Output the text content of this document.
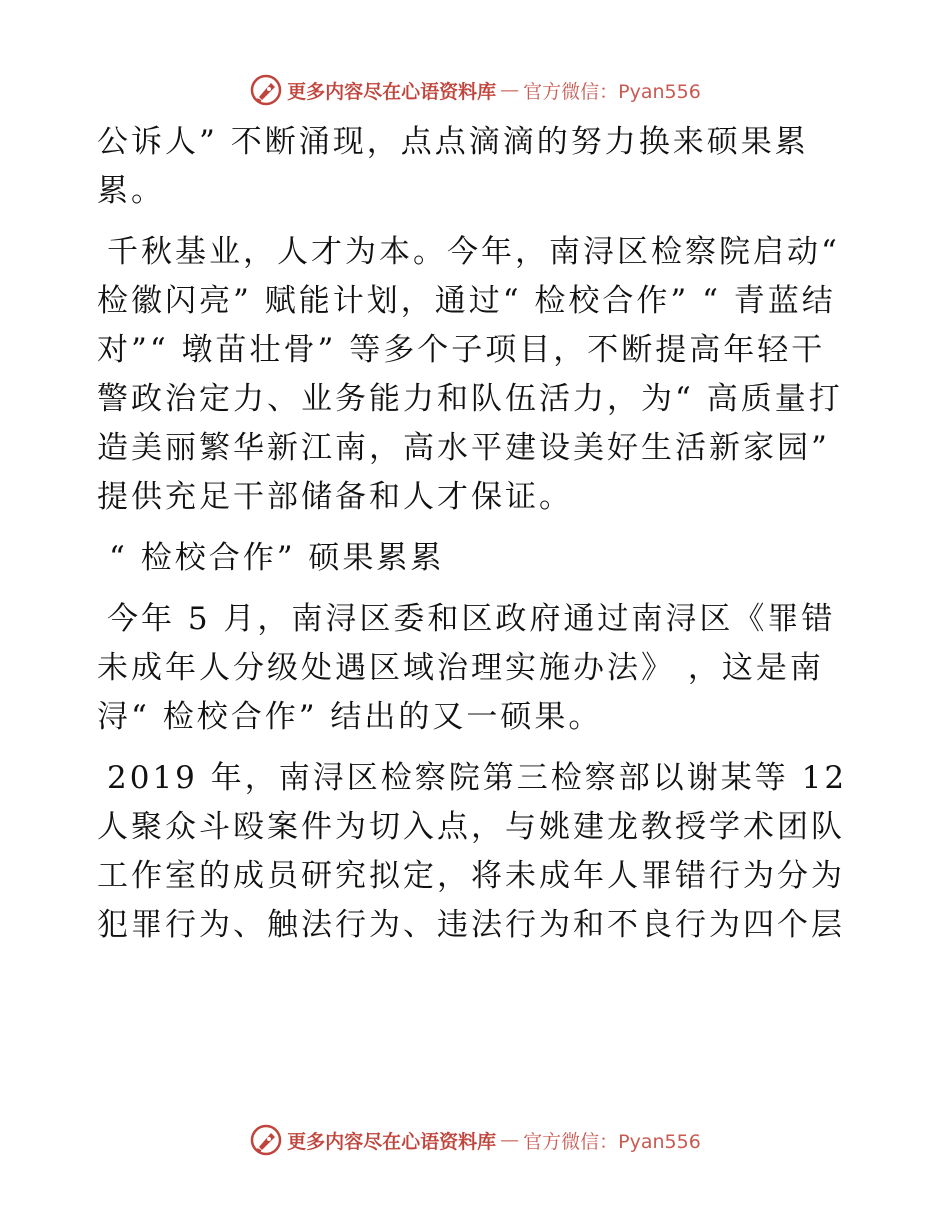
更多内容尽在心语资料库 — 官方微信：Pyan556

公诉人” 不断涌现，点点滴滴的努力换来硕果累累。

千秋基业，人才为本。今年，南浔区检察院启动“ 检徽闪亮” 赋能计划，通过“ 检校合作” “ 青蓝结对”“ 墩苗壮骨” 等多个子项目，不断提高年轻干警政治定力、业务能力和队伍活力，为“ 高质量打造美丽繁华新江南，高水平建设美好生活新家园” 提供充足干部储备和人才保证。

“ 检校合作” 硕果累累

今年 5 月，南浔区委和区政府通过南浔区《罪错未成年人分级处遇区域治理实施办法》 ，这是南浔“ 检校合作” 结出的又一硕果。

2019 年，南浔区检察院第三检察部以谢某等 12 人聚众斗殴案件为切入点，与姚建龙教授学术团队工作室的成员研究拟定，将未成年人罪错行为分为犯罪行为、触法行为、违法行为和不良行为四个层

更多内容尽在心语资料库 — 官方微信：Pyan556
